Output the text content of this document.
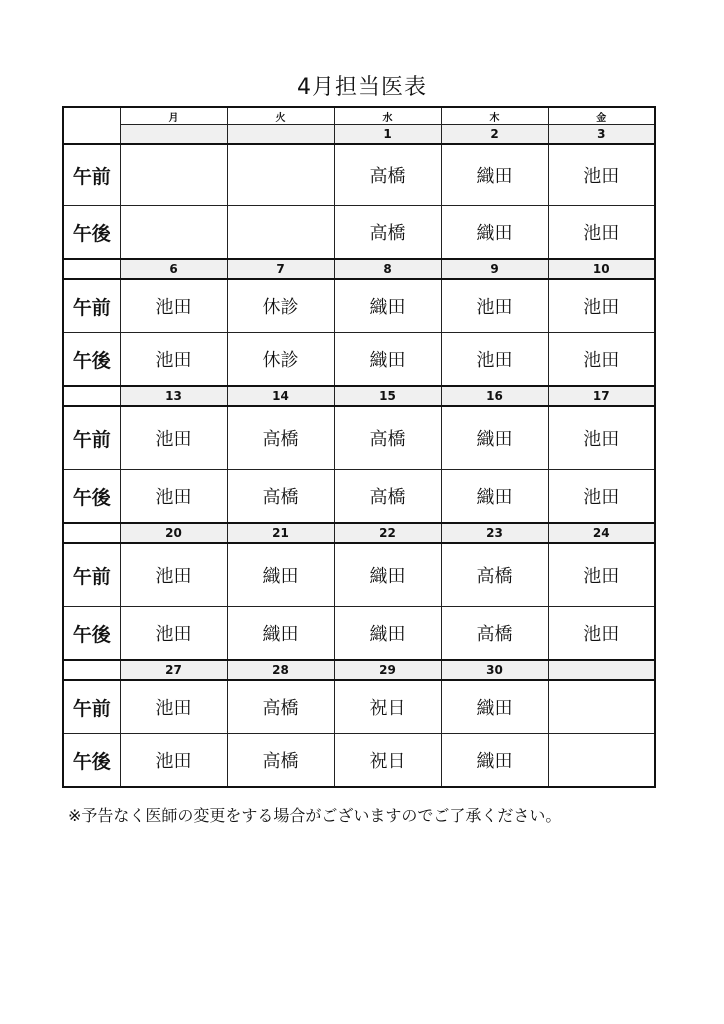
4月担当医表
	月	火	水	木	金
			1	2	3
午前			高橋	織田	池田
午後			高橋	織田	池田
	6	7	8	9	10
午前	池田	休診	織田	池田	池田
午後	池田	休診	織田	池田	池田
	13	14	15	16	17
午前	池田	高橋	高橋	織田	池田
午後	池田	高橋	高橋	織田	池田
	20	21	22	23	24
午前	池田	織田	織田	高橋	池田
午後	池田	織田	織田	高橋	池田
	27	28	29	30	
午前	池田	高橋	祝日	織田	
午後	池田	高橋	祝日	織田	
※予告なく医師の変更をする場合がございますのでご了承ください。
